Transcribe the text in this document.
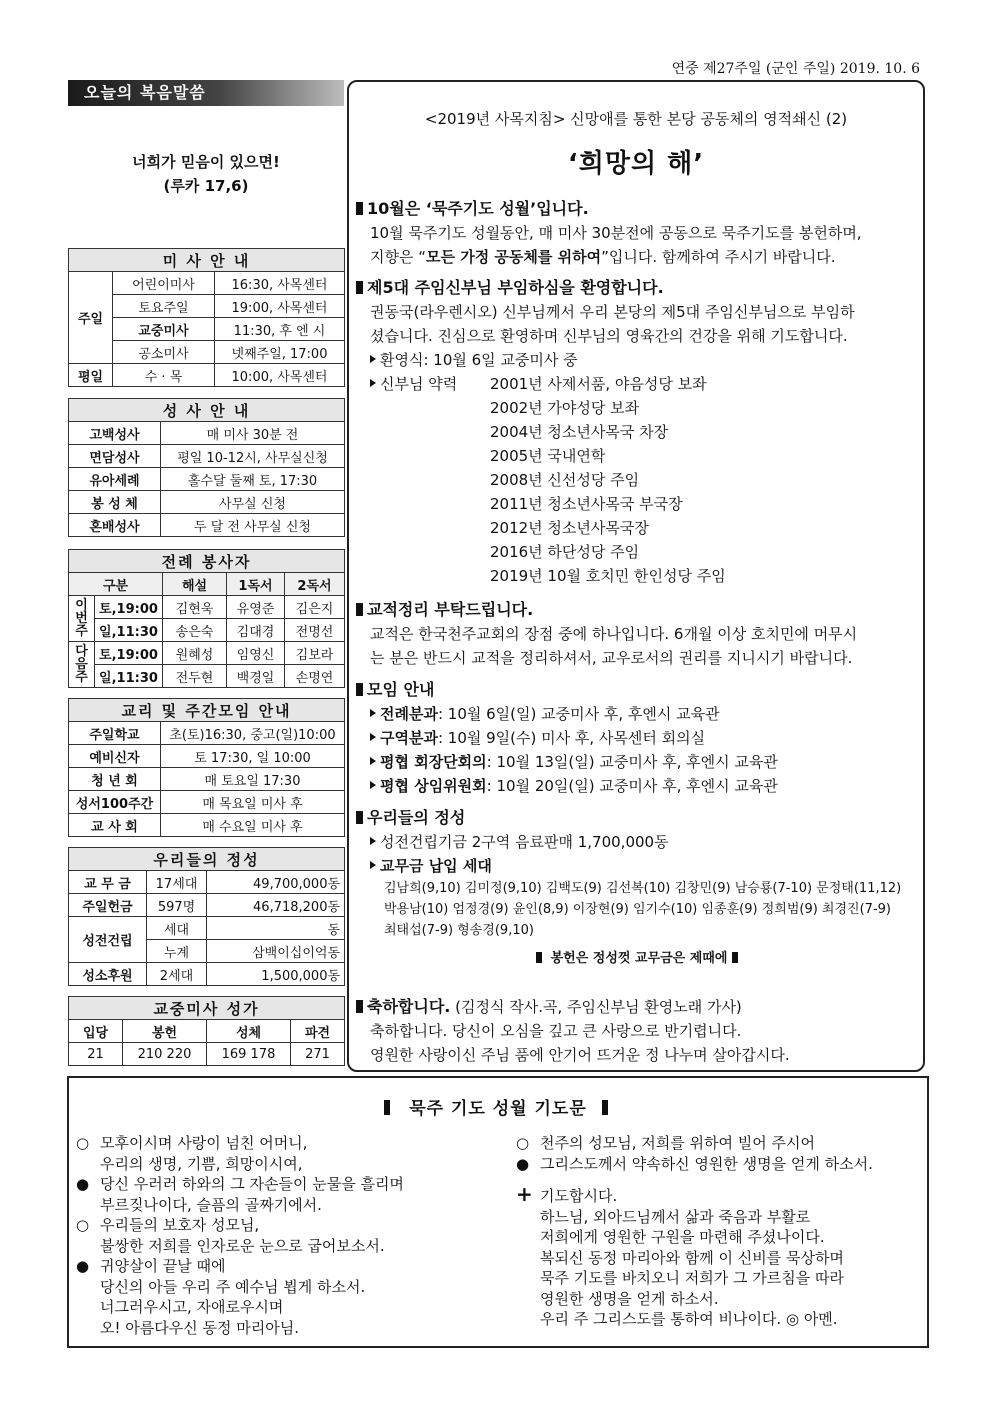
연중 제27주일 (군인 주일) 2019. 10. 6
오늘의 복음말씀
너희가 믿음이 있으면!
(루카 17,6)
미 사 안 내		
주일	어린이미사	16:30, 사목센터
	토요주일	19:00, 사목센터
	교중미사	11:30, 후 엔 시
	공소미사	넷째주일, 17:00
평일	수 · 목	10:00, 사목센터
성 사 안 내	
고백성사	매 미사 30분 전
면담성사	평일 10-12시, 사무실신청
유아세례	홀수달 둘째 토, 17:30
봉 성 체	사무실 신청
혼배성사	두 달 전 사무실 신청
전례 봉사자				
구분		해설	1독서	2독서
이번주	토,19:00	김현욱	유영준	김은지
	일,11:30	송은숙	김대경	전명선
다음주	토,19:00	원혜성	임영신	김보라
	일,11:30	전두현	백경일	손명연
교리 및 주간모임 안내	
주일학교	초(토)16:30, 중고(일)10:00
예비신자	토 17:30, 일 10:00
청 년 회	매 토요일 17:30
성서100주간	매 목요일 미사 후
교 사 회	매 수요일 미사 후
우리들의 정성		
교 무 금	17세대	49,700,000동
주일헌금	597명	46,718,200동
성전건립	세대	동
	누계	삼백이십이억동
성소후원	2세대	1,500,000동
교중미사 성가			
입당	봉헌	성체	파견
21	210 220	169 178	271
<2019년 사목지침> 신망애를 통한 본당 공동체의 영적쇄신 (2)
‘희망의 해’
10월은 ‘묵주기도 성월’입니다.
10월 묵주기도 성월동안, 매 미사 30분전에 공동으로 묵주기도를 봉헌하며,
지향은 “모든 가정 공동체를 위하여”입니다. 함께하여 주시기 바랍니다.
제5대 주임신부님 부임하심을 환영합니다.
권동국(라우렌시오) 신부님께서 우리 본당의 제5대 주임신부님으로 부임하
셨습니다. 진심으로 환영하며 신부님의 영육간의 건강을 위해 기도합니다.
환영식: 10월 6일 교중미사 중
신부님 약력	2001년 사제서품, 야음성당 보좌
2002년 가야성당 보좌
2004년 청소년사목국 차장
2005년 국내연학
2008년 신선성당 주임
2011년 청소년사목국 부국장
2012년 청소년사목국장
2016년 하단성당 주임
2019년 10월 호치민 한인성당 주임
교적정리 부탁드립니다.
교적은 한국천주교회의 장점 중에 하나입니다. 6개월 이상 호치민에 머무시
는 분은 반드시 교적을 정리하셔서, 교우로서의 권리를 지니시기 바랍니다.
모임 안내
전례분과: 10월 6일(일) 교중미사 후, 후엔시 교육관
구역분과: 10월 9일(수) 미사 후, 사목센터 회의실
평협 회장단회의: 10월 13일(일) 교중미사 후, 후엔시 교육관
평협 상임위원회: 10월 20일(일) 교중미사 후, 후엔시 교육관
우리들의 정성
성전건립기금 2구역 음료판매 1,700,000동
교무금 납입 세대
김남희(9,10) 김미정(9,10) 김백도(9) 김선복(10) 김창민(9) 남승룡(7-10) 문정태(11,12)
박용남(10) 엄정경(9) 윤인(8,9) 이장현(9) 임기수(10) 임종훈(9) 정희범(9) 최경진(7-9)
최태섭(7-9) 형송경(9,10)
봉헌은 정성껏 교무금은 제때에
축하합니다. (김정식 작사.곡, 주임신부님 환영노래 가사)
축하합니다. 당신이 오심을 깊고 큰 사랑으로 반기렵니다.
영원한 사랑이신 주님 품에 안기어 뜨거운 정 나누며 살아갑시다.
묵주 기도 성월 기도문
○ 모후이시며 사랑이 넘친 어머니,
우리의 생명, 기쁨, 희망이시여,
● 당신 우러러 하와의 그 자손들이 눈물을 흘리며
부르짖나이다, 슬픔의 골짜기에서.
○ 우리들의 보호자 성모님,
불쌍한 저희를 인자로운 눈으로 굽어보소서.
● 귀양살이 끝날 때에
당신의 아들 우리 주 예수님 뵙게 하소서.
너그러우시고, 자애로우시며
오! 아름다우신 동정 마리아님.
○ 천주의 성모님, 저희를 위하여 빌어 주시어
● 그리스도께서 약속하신 영원한 생명을 얻게 하소서.
+ 기도합시다.
하느님, 외아드님께서 삶과 죽음과 부활로
저희에게 영원한 구원을 마련해 주셨나이다.
복되신 동정 마리아와 함께 이 신비를 묵상하며
묵주 기도를 바치오니 저희가 그 가르침을 따라
영원한 생명을 얻게 하소서.
우리 주 그리스도를 통하여 비나이다. ◎ 아멘.
